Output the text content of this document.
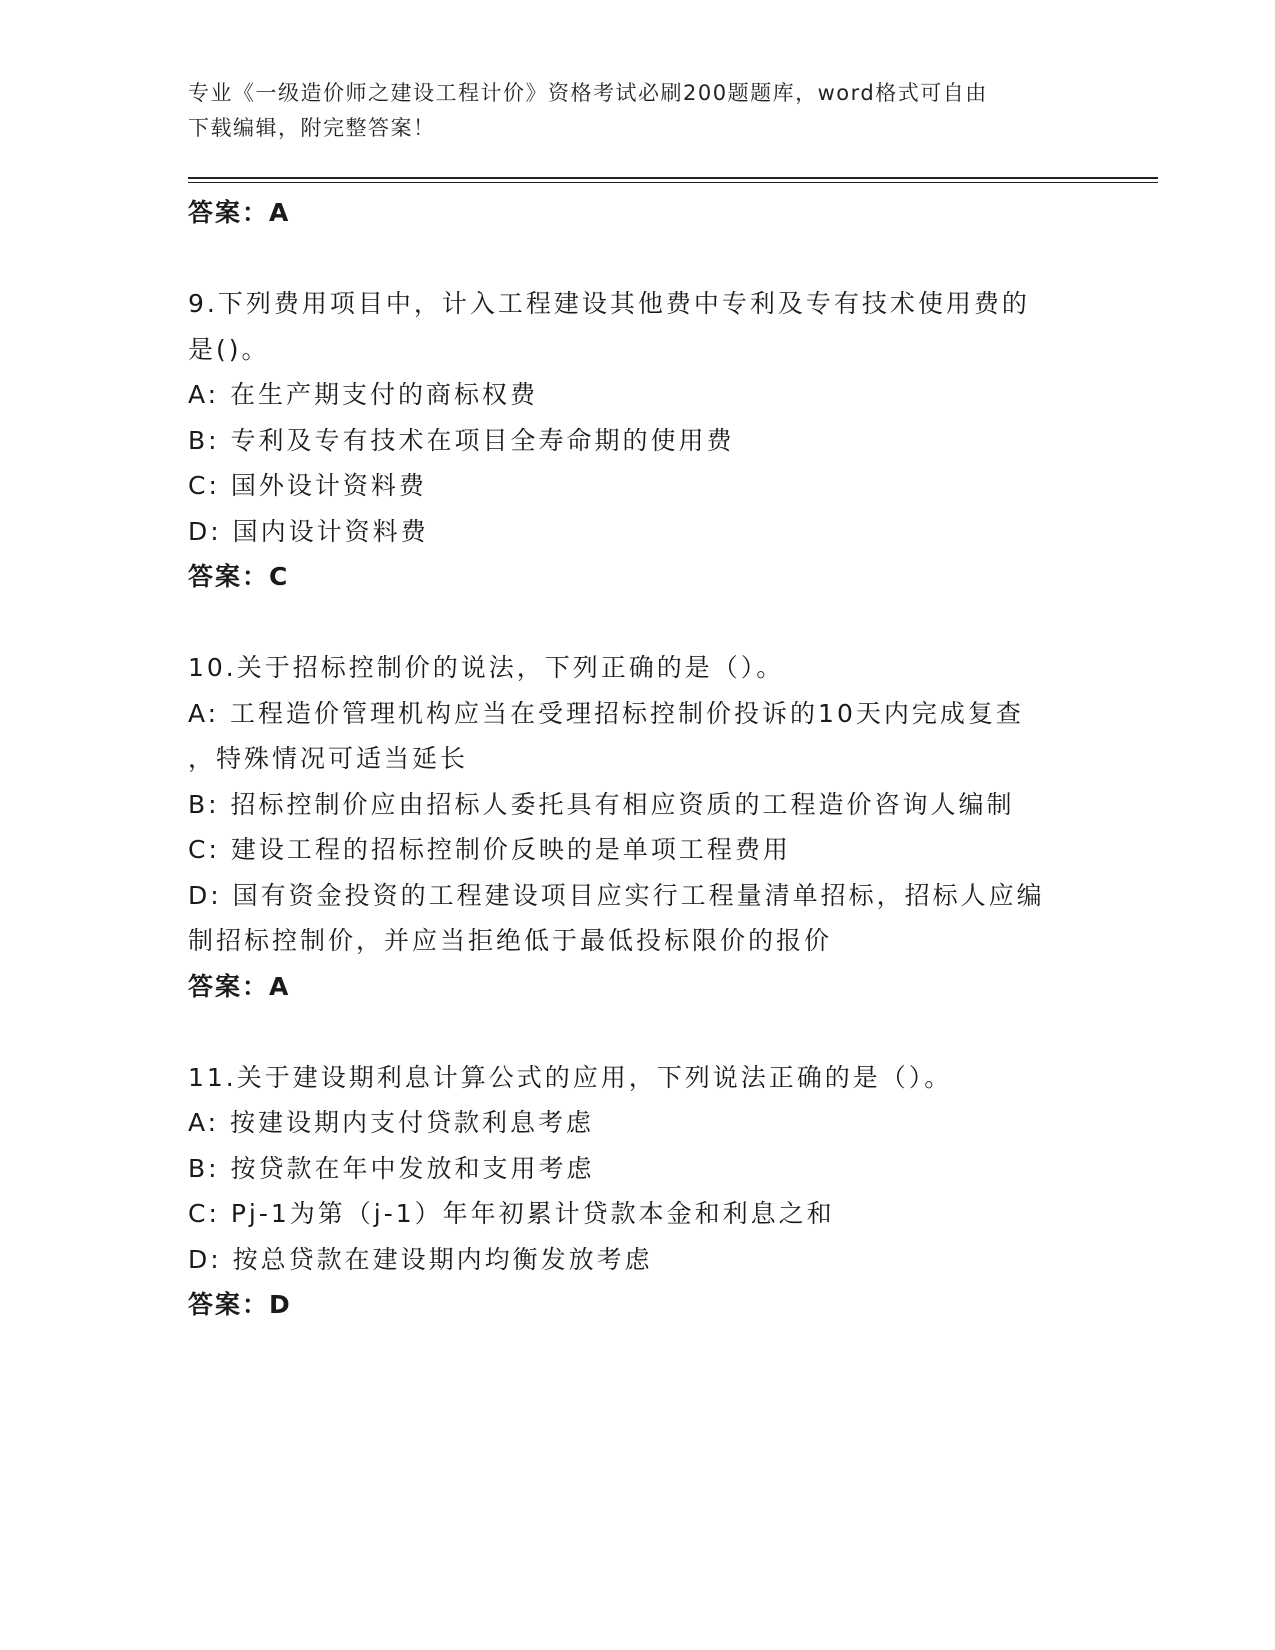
专业《一级造价师之建设工程计价》资格考试必刷200题题库，word格式可自由
下载编辑，附完整答案！
答案：A
9.下列费用项目中，计入工程建设其他费中专利及专有技术使用费的
是()。
A: 在生产期支付的商标权费
B: 专利及专有技术在项目全寿命期的使用费
C: 国外设计资料费
D: 国内设计资料费
答案：C
10.关于招标控制价的说法，下列正确的是（）。
A: 工程造价管理机构应当在受理招标控制价投诉的10天内完成复查
，特殊情况可适当延长
B: 招标控制价应由招标人委托具有相应资质的工程造价咨询人编制
C: 建设工程的招标控制价反映的是单项工程费用
D: 国有资金投资的工程建设项目应实行工程量清单招标，招标人应编
制招标控制价，并应当拒绝低于最低投标限价的报价
答案：A
11.关于建设期利息计算公式的应用，下列说法正确的是（）。
A: 按建设期内支付贷款利息考虑
B: 按贷款在年中发放和支用考虑
C: Pj-1为第（j-1）年年初累计贷款本金和利息之和
D: 按总贷款在建设期内均衡发放考虑
答案：D
